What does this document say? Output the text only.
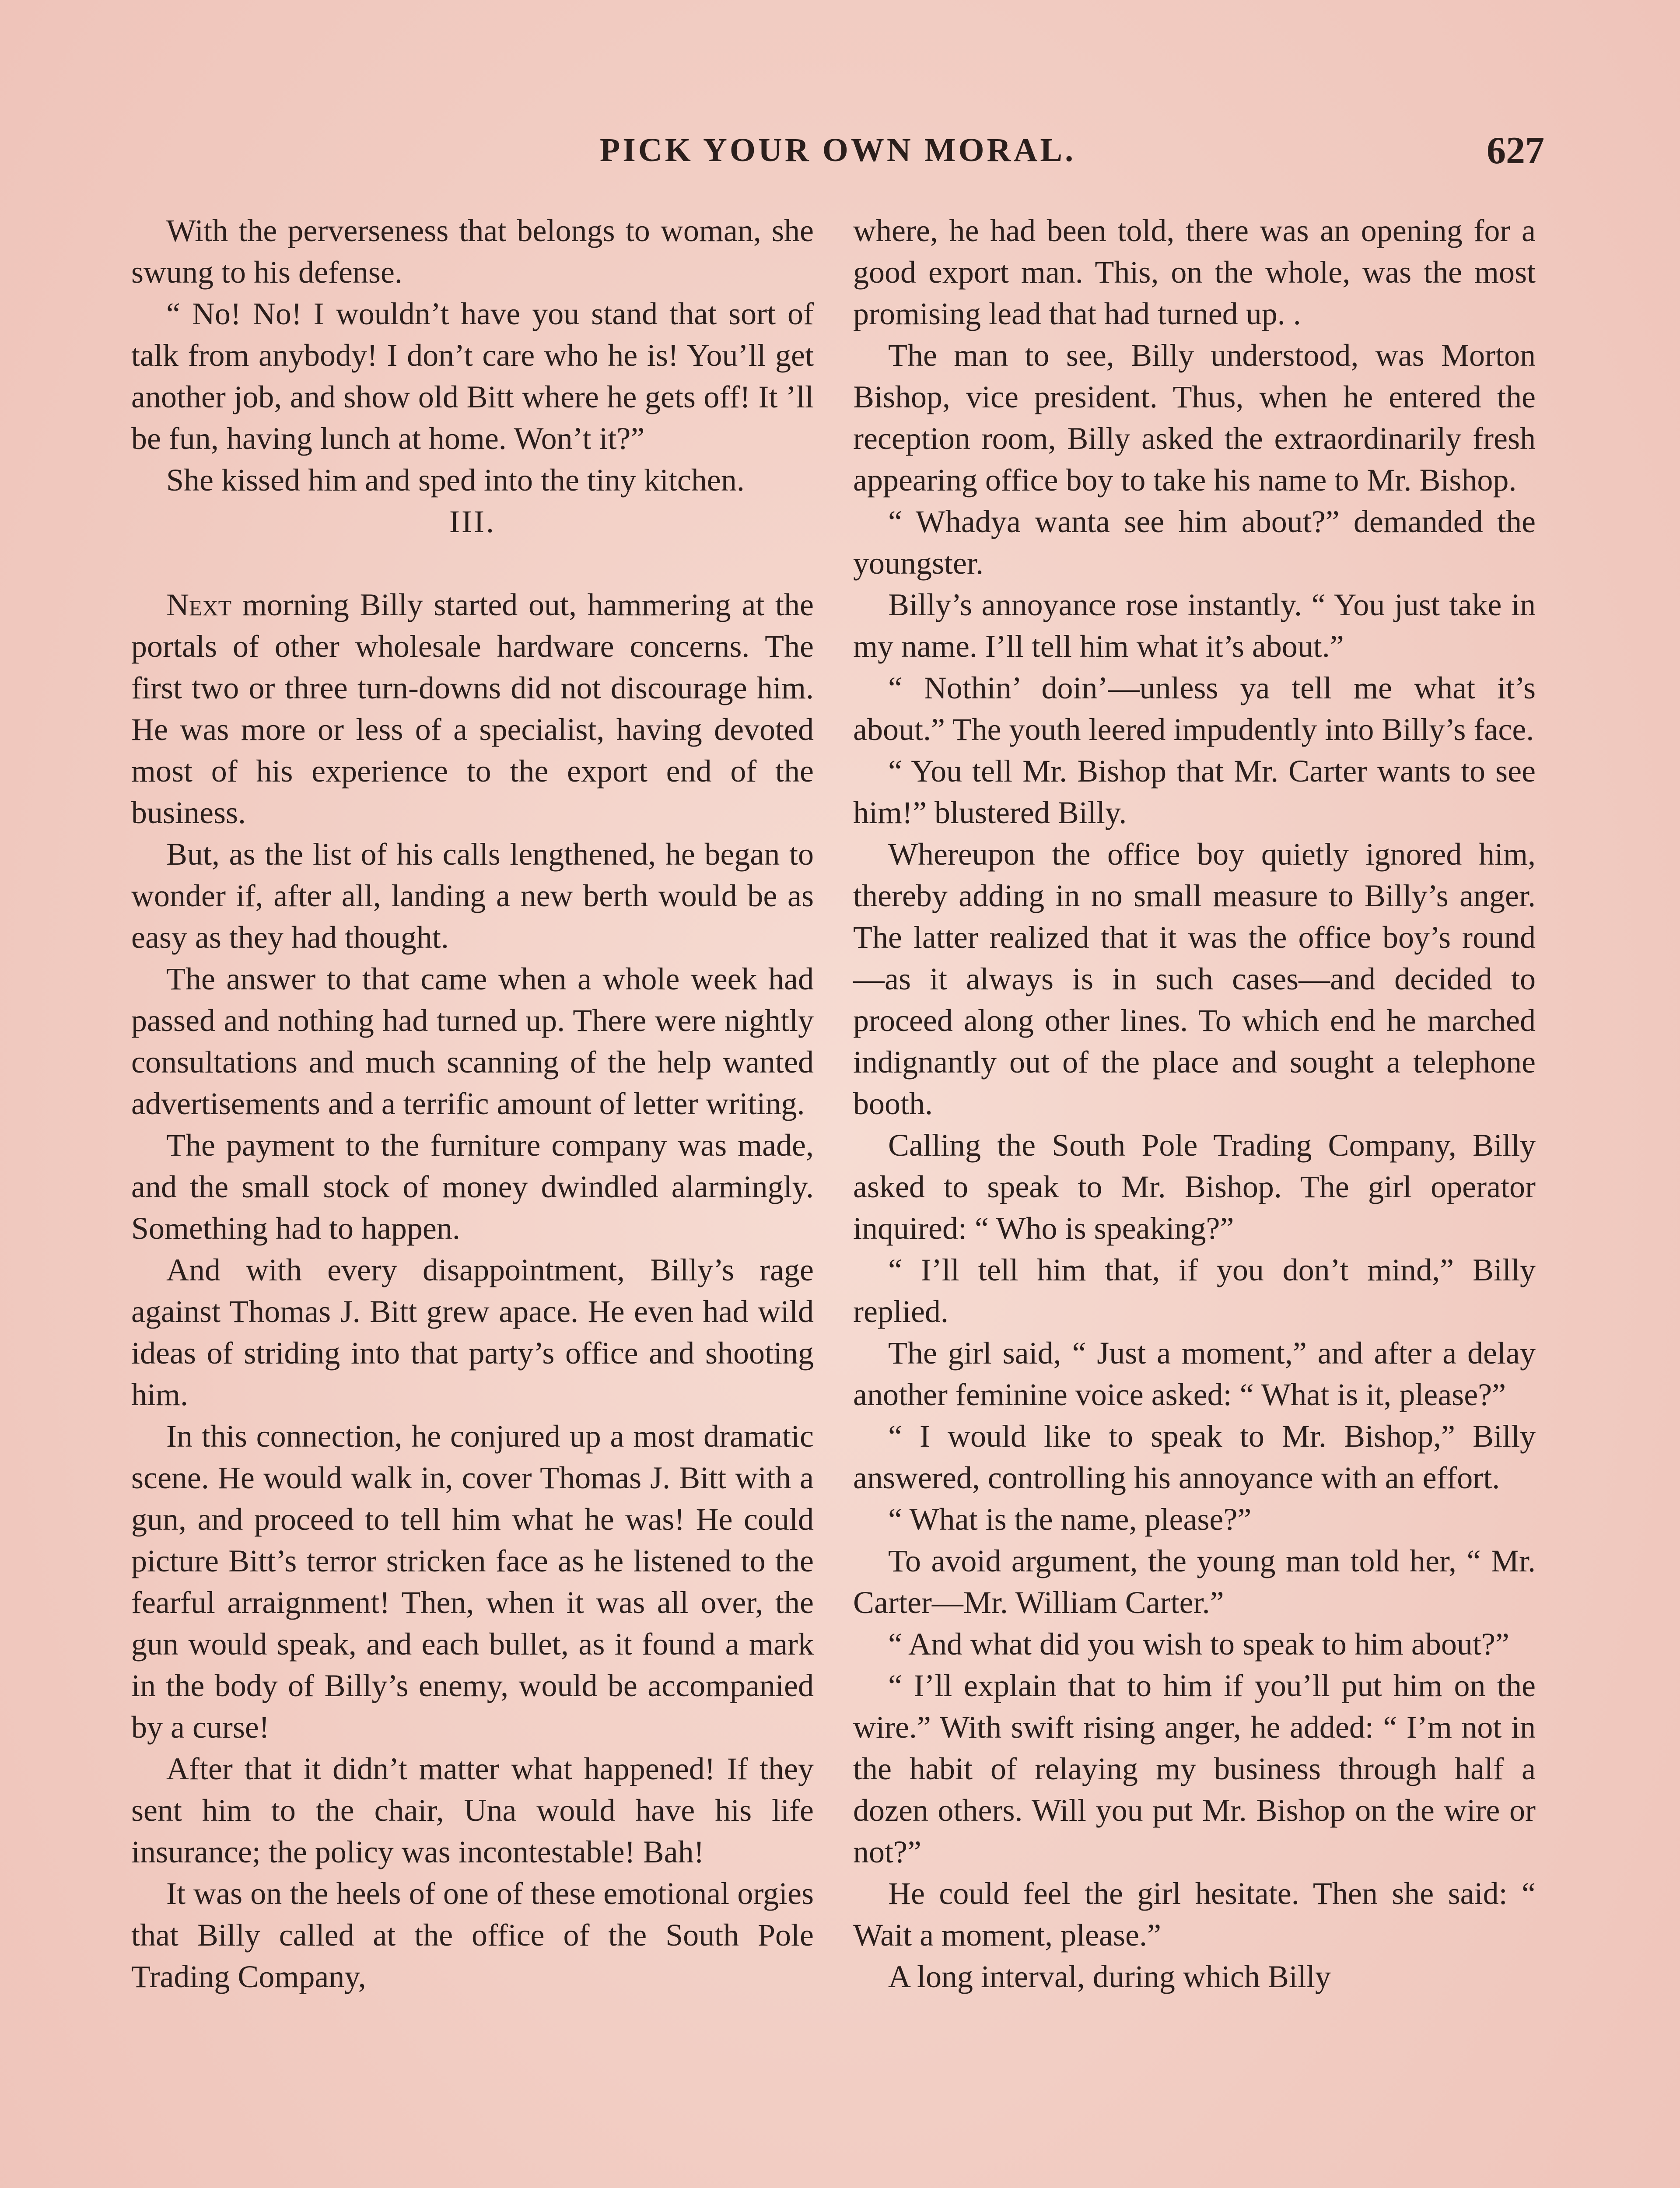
PICK YOUR OWN MORAL.	627

With the perverseness that belongs to woman, she swung to his defense.

“ No! No! I wouldn’t have you stand that sort of talk from anybody! I don’t care who he is! You’ll get another job, and show old Bitt where he gets off! It ’ll be fun, having lunch at home. Won’t it?”

She kissed him and sped into the tiny kitchen.

III.

Next morning Billy started out, hammering at the portals of other wholesale hardware concerns. The first two or three turn-downs did not discourage him. He was more or less of a specialist, having devoted most of his experience to the export end of the business.

But, as the list of his calls lengthened, he began to wonder if, after all, landing a new berth would be as easy as they had thought.

The answer to that came when a whole week had passed and nothing had turned up. There were nightly consultations and much scanning of the help wanted advertisements and a terrific amount of letter writing.

The payment to the furniture company was made, and the small stock of money dwindled alarmingly. Something had to happen.

And with every disappointment, Billy’s rage against Thomas J. Bitt grew apace. He even had wild ideas of striding into that party’s office and shooting him.

In this connection, he conjured up a most dramatic scene. He would walk in, cover Thomas J. Bitt with a gun, and proceed to tell him what he was! He could picture Bitt’s terror stricken face as he listened to the fearful arraignment! Then, when it was all over, the gun would speak, and each bullet, as it found a mark in the body of Billy’s enemy, would be accompanied by a curse!

After that it didn’t matter what happened! If they sent him to the chair, Una would have his life insurance; the policy was incontestable! Bah!

It was on the heels of one of these emotional orgies that Billy called at the office of the South Pole Trading Company,

where, he had been told, there was an opening for a good export man. This, on the whole, was the most promising lead that had turned up. .

The man to see, Billy understood, was Morton Bishop, vice president. Thus, when he entered the reception room, Billy asked the extraordinarily fresh appearing office boy to take his name to Mr. Bishop.

“ Whadya wanta see him about?” demanded the youngster.

Billy’s annoyance rose instantly. “ You just take in my name. I’ll tell him what it’s about.”

“ Nothin’ doin’—unless ya tell me what it’s about.” The youth leered impudently into Billy’s face.

“ You tell Mr. Bishop that Mr. Carter wants to see him!” blustered Billy.

Whereupon the office boy quietly ignored him, thereby adding in no small measure to Billy’s anger. The latter realized that it was the office boy’s round—as it always is in such cases—and decided to proceed along other lines. To which end he marched indignantly out of the place and sought a telephone booth.

Calling the South Pole Trading Company, Billy asked to speak to Mr. Bishop. The girl operator inquired: “ Who is speaking?”

“ I’ll tell him that, if you don’t mind,” Billy replied.

The girl said, “ Just a moment,” and after a delay another feminine voice asked: “ What is it, please?”

“ I would like to speak to Mr. Bishop,” Billy answered, controlling his annoyance with an effort.

“ What is the name, please?”

To avoid argument, the young man told her, “ Mr. Carter—Mr. William Carter.”

“ And what did you wish to speak to him about?”

“ I’ll explain that to him if you’ll put him on the wire.” With swift rising anger, he added: “ I’m not in the habit of relaying my business through half a dozen others. Will you put Mr. Bishop on the wire or not?”

He could feel the girl hesitate. Then she said: “ Wait a moment, please.”

A long interval, during which Billy
